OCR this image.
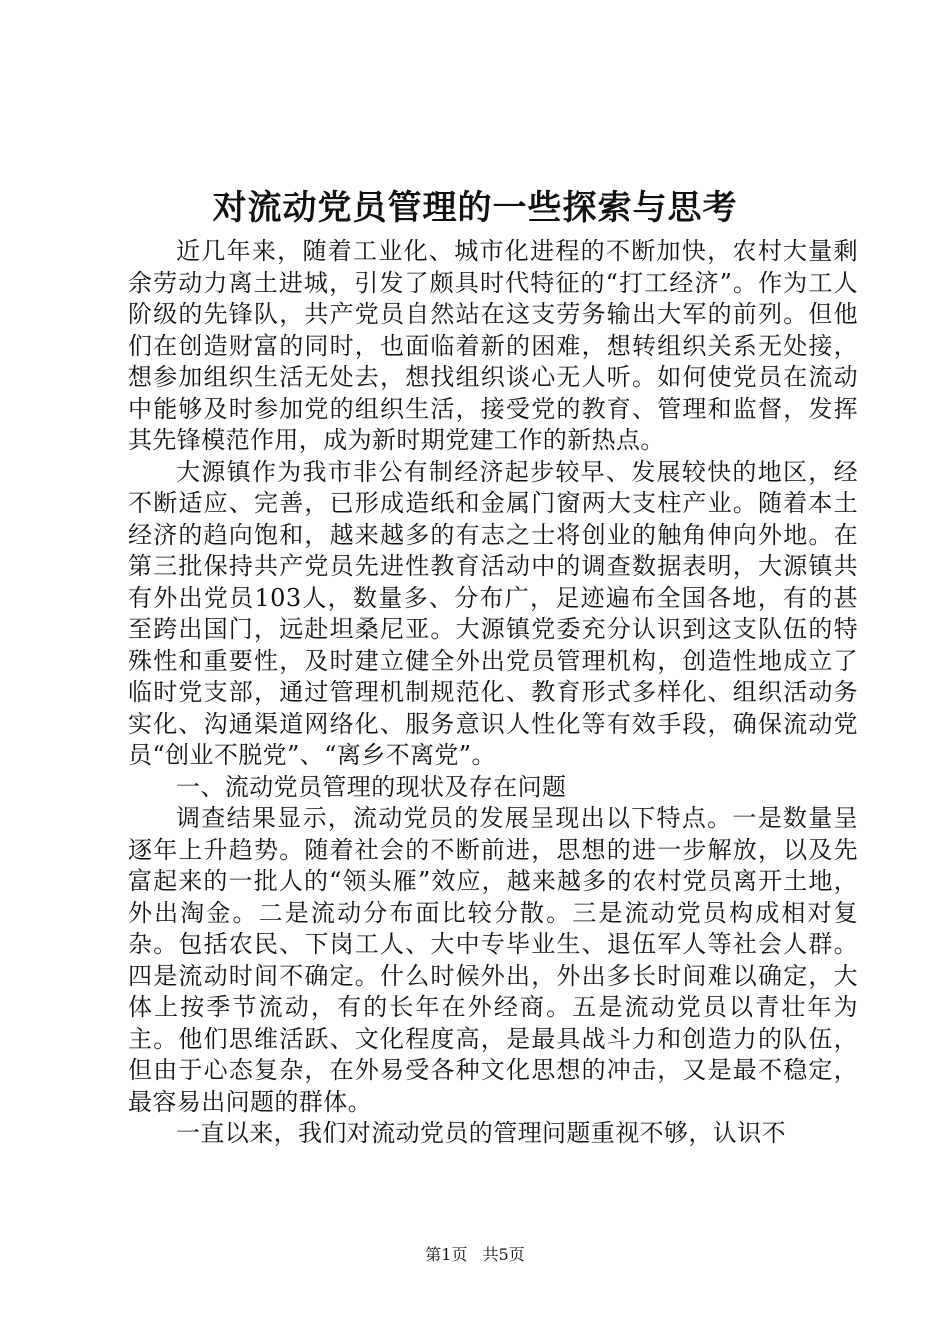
对流动党员管理的一些探索与思考

近几年来，随着工业化、城市化进程的不断加快，农村大量剩余劳动力离土进城，引发了颇具时代特征的“打工经济”。作为工人阶级的先锋队，共产党员自然站在这支劳务输出大军的前列。但他们在创造财富的同时，也面临着新的困难，想转组织关系无处接，想参加组织生活无处去，想找组织谈心无人听。如何使党员在流动中能够及时参加党的组织生活，接受党的教育、管理和监督，发挥其先锋模范作用，成为新时期党建工作的新热点。

大源镇作为我市非公有制经济起步较早、发展较快的地区，经不断适应、完善，已形成造纸和金属门窗两大支柱产业。随着本土经济的趋向饱和，越来越多的有志之士将创业的触角伸向外地。在第三批保持共产党员先进性教育活动中的调查数据表明，大源镇共有外出党员103人，数量多、分布广，足迹遍布全国各地，有的甚至跨出国门，远赴坦桑尼亚。大源镇党委充分认识到这支队伍的特殊性和重要性，及时建立健全外出党员管理机构，创造性地成立了临时党支部，通过管理机制规范化、教育形式多样化、组织活动务实化、沟通渠道网络化、服务意识人性化等有效手段，确保流动党员“创业不脱党”、“离乡不离党”。

一、流动党员管理的现状及存在问题

调查结果显示，流动党员的发展呈现出以下特点。一是数量呈逐年上升趋势。随着社会的不断前进，思想的进一步解放，以及先富起来的一批人的“领头雁”效应，越来越多的农村党员离开土地，外出淘金。二是流动分布面比较分散。三是流动党员构成相对复杂。包括农民、下岗工人、大中专毕业生、退伍军人等社会人群。四是流动时间不确定。什么时候外出，外出多长时间难以确定，大体上按季节流动，有的长年在外经商。五是流动党员以青壮年为主。他们思维活跃、文化程度高，是最具战斗力和创造力的队伍，但由于心态复杂，在外易受各种文化思想的冲击，又是最不稳定，最容易出问题的群体。

一直以来，我们对流动党员的管理问题重视不够，认识不

第1页 共5页
